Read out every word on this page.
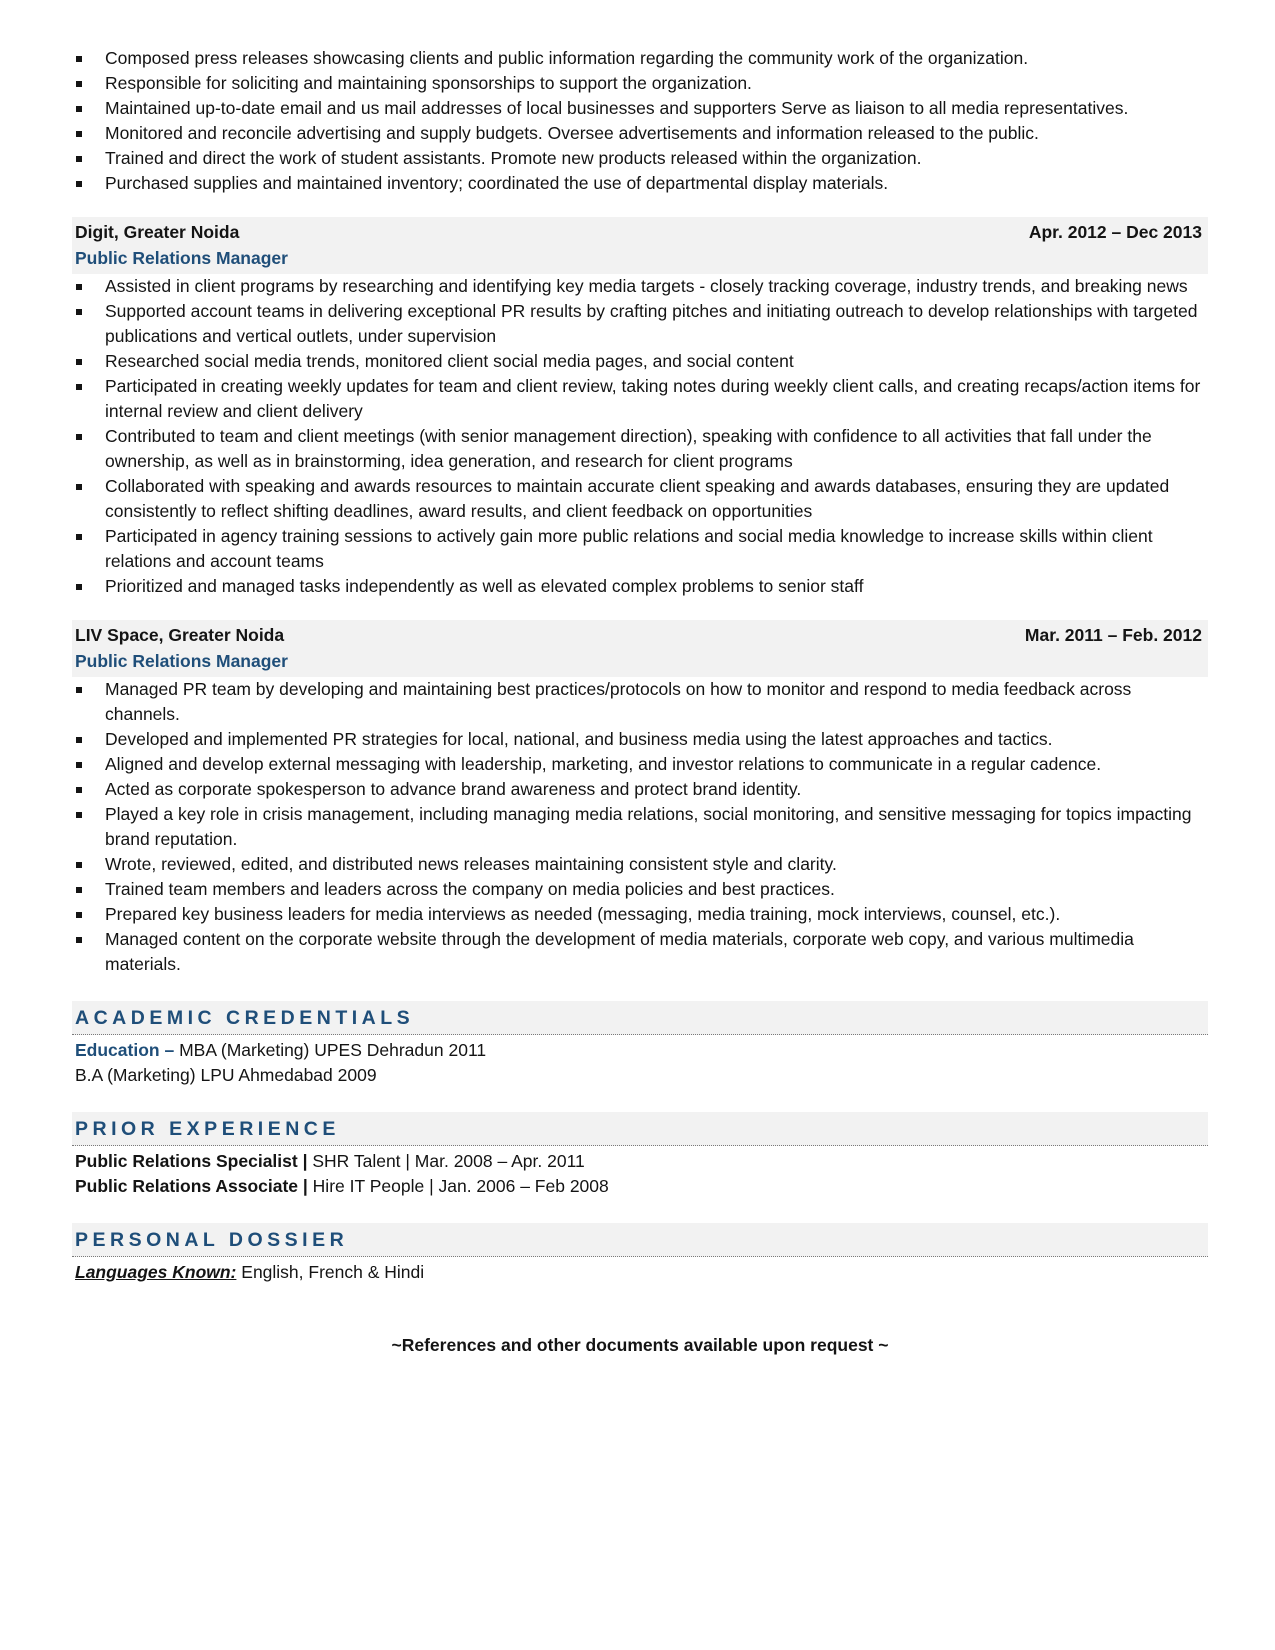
Composed press releases showcasing clients and public information regarding the community work of the organization.
Responsible for soliciting and maintaining sponsorships to support the organization.
Maintained up-to-date email and us mail addresses of local businesses and supporters Serve as liaison to all media representatives.
Monitored and reconcile advertising and supply budgets. Oversee advertisements and information released to the public.
Trained and direct the work of student assistants. Promote new products released within the organization.
Purchased supplies and maintained inventory; coordinated the use of departmental display materials.
Digit, Greater Noida	Apr. 2012 – Dec 2013
Public Relations Manager
Assisted in client programs by researching and identifying key media targets - closely tracking coverage, industry trends, and breaking news
Supported account teams in delivering exceptional PR results by crafting pitches and initiating outreach to develop relationships with targeted publications and vertical outlets, under supervision
Researched social media trends, monitored client social media pages, and social content
Participated in creating weekly updates for team and client review, taking notes during weekly client calls, and creating recaps/action items for internal review and client delivery
Contributed to team and client meetings (with senior management direction), speaking with confidence to all activities that fall under the ownership, as well as in brainstorming, idea generation, and research for client programs
Collaborated with speaking and awards resources to maintain accurate client speaking and awards databases, ensuring they are updated consistently to reflect shifting deadlines, award results, and client feedback on opportunities
Participated in agency training sessions to actively gain more public relations and social media knowledge to increase skills within client relations and account teams
Prioritized and managed tasks independently as well as elevated complex problems to senior staff
LIV Space, Greater Noida	Mar. 2011 – Feb. 2012
Public Relations Manager
Managed PR team by developing and maintaining best practices/protocols on how to monitor and respond to media feedback across channels.
Developed and implemented PR strategies for local, national, and business media using the latest approaches and tactics.
Aligned and develop external messaging with leadership, marketing, and investor relations to communicate in a regular cadence.
Acted as corporate spokesperson to advance brand awareness and protect brand identity.
Played a key role in crisis management, including managing media relations, social monitoring, and sensitive messaging for topics impacting brand reputation.
Wrote, reviewed, edited, and distributed news releases maintaining consistent style and clarity.
Trained team members and leaders across the company on media policies and best practices.
Prepared key business leaders for media interviews as needed (messaging, media training, mock interviews, counsel, etc.).
Managed content on the corporate website through the development of media materials, corporate web copy, and various multimedia materials.
ACADEMIC CREDENTIALS
Education – MBA (Marketing) UPES Dehradun 2011
B.A (Marketing) LPU Ahmedabad 2009
PRIOR EXPERIENCE
Public Relations Specialist | SHR Talent | Mar. 2008 – Apr. 2011
Public Relations Associate | Hire IT People | Jan. 2006 – Feb 2008
PERSONAL DOSSIER
Languages Known: English, French & Hindi
~References and other documents available upon request ~
